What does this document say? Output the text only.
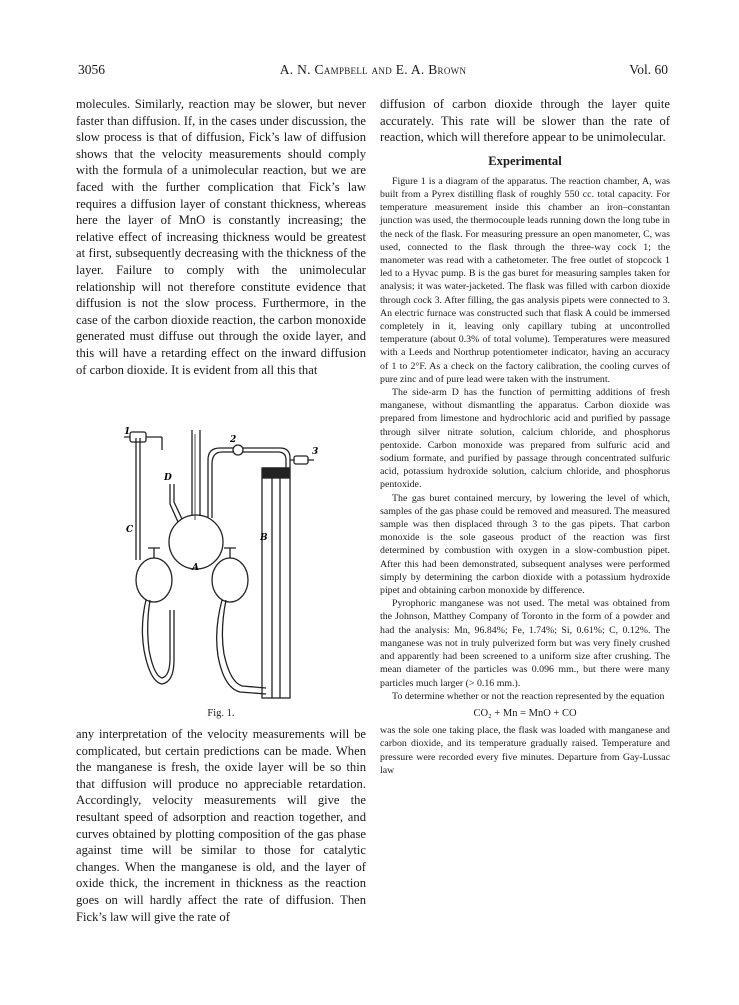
3056	A. N. Campbell and E. A. Brown	Vol. 60

molecules. Similarly, reaction may be slower, but never faster than diffusion. If, in the cases under discussion, the slow process is that of diffusion, Fick’s law of diffusion shows that the velocity measurements should comply with the formula of a unimolecular reaction, but we are faced with the further complication that Fick’s law requires a diffusion layer of constant thickness, whereas here the layer of MnO is constantly increasing; the relative effect of increasing thickness would be greatest at first, subsequently decreasing with the thickness of the layer. Failure to comply with the unimolecular relationship will not therefore constitute evidence that diffusion is not the slow process. Furthermore, in the case of the carbon dioxide reaction, the carbon monoxide generated must diffuse out through the oxide layer, and this will have a retarding effect on the inward diffusion of carbon dioxide. It is evident from all this that

1
2
3
A
B
C
D
Fig. 1.

any interpretation of the velocity measurements will be complicated, but certain predictions can be made. When the manganese is fresh, the oxide layer will be so thin that diffusion will produce no appreciable retardation. Accordingly, velocity measurements will give the resultant speed of adsorption and reaction together, and curves obtained by plotting composition of the gas phase against time will be similar to those for catalytic changes. When the manganese is old, and the layer of oxide thick, the increment in thickness as the reaction goes on will hardly affect the rate of diffusion. Then Fick’s law will give the rate of

diffusion of carbon dioxide through the layer quite accurately. This rate will be slower than the rate of reaction, which will therefore appear to be unimolecular.

Experimental

Figure 1 is a diagram of the apparatus. The reaction chamber, A, was built from a Pyrex distilling flask of roughly 550 cc. total capacity. For temperature measurement inside this chamber an iron–constantan junction was used, the thermocouple leads running down the long tube in the neck of the flask. For measuring pressure an open manometer, C, was used, connected to the flask through the three-way cock 1; the manometer was read with a cathetometer. The free outlet of stopcock 1 led to a Hyvac pump. B is the gas buret for measuring samples taken for analysis; it was water-jacketed. The flask was filled with carbon dioxide through cock 3. After filling, the gas analysis pipets were connected to 3. An electric furnace was constructed such that flask A could be immersed completely in it, leaving only capillary tubing at uncontrolled temperature (about 0.3% of total volume). Temperatures were measured with a Leeds and Northrup potentiometer indicator, having an accuracy of 1 to 2°F. As a check on the factory calibration, the cooling curves of pure zinc and of pure lead were taken with the instrument.

The side-arm D has the function of permitting additions of fresh manganese, without dismantling the apparatus. Carbon dioxide was prepared from limestone and hydrochloric acid and purified by passage through silver nitrate solution, calcium chloride, and phosphorus pentoxide. Carbon monoxide was prepared from sulfuric acid and sodium formate, and purified by passage through concentrated sulfuric acid, potassium hydroxide solution, calcium chloride, and phosphorus pentoxide.

The gas buret contained mercury, by lowering the level of which, samples of the gas phase could be removed and measured. The measured sample was then displaced through 3 to the gas pipets. That carbon monoxide is the sole gaseous product of the reaction was first determined by combustion with oxygen in a slow-combustion pipet. After this had been demonstrated, subsequent analyses were performed simply by determining the carbon dioxide with a potassium hydroxide pipet and obtaining carbon monoxide by difference.

Pyrophoric manganese was not used. The metal was obtained from the Johnson, Matthey Company of Toronto in the form of a powder and had the analysis: Mn, 96.84%; Fe, 1.74%; Si, 0.61%; C, 0.12%. The manganese was not in truly pulverized form but was very finely crushed and apparently had been screened to a uniform size after crushing. The mean diameter of the particles was 0.096 mm., but there were many particles much larger (> 0.16 mm.).

To determine whether or not the reaction represented by the equation

CO₂ + Mn = MnO + CO

was the sole one taking place, the flask was loaded with manganese and carbon dioxide, and its temperature gradually raised. Temperature and pressure were recorded every five minutes. Departure from Gay-Lussac law
